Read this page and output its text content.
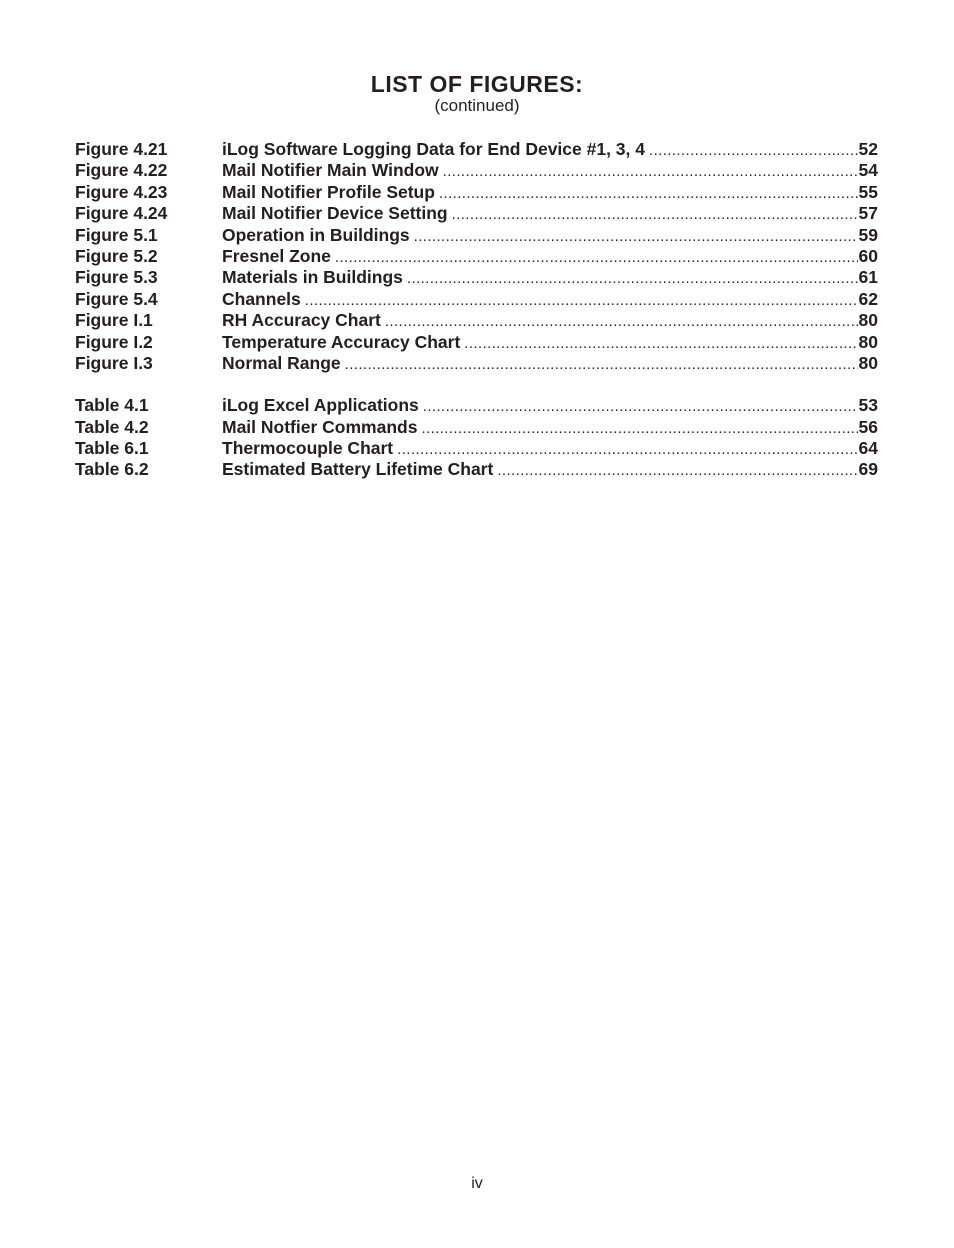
LIST OF FIGURES:
(continued)
Figure 4.21	iLog Software Logging Data for End Device #1, 3, 4 .....	52
Figure 4.22	Mail Notifier Main Window .....	54
Figure 4.23	Mail Notifier Profile Setup .....	55
Figure 4.24	Mail Notifier Device Setting .....	57
Figure 5.1	Operation in Buildings .....	59
Figure 5.2	Fresnel Zone .....	60
Figure 5.3	Materials in Buildings .....	61
Figure 5.4	Channels .....	62
Figure I.1	RH Accuracy Chart .....	80
Figure I.2	Temperature Accuracy Chart .....	80
Figure I.3	Normal Range .....	80
Table 4.1	iLog Excel Applications .....	53
Table 4.2	Mail Notfier Commands .....	56
Table 6.1	Thermocouple Chart .....	64
Table 6.2	Estimated Battery Lifetime Chart .....	69
iv
